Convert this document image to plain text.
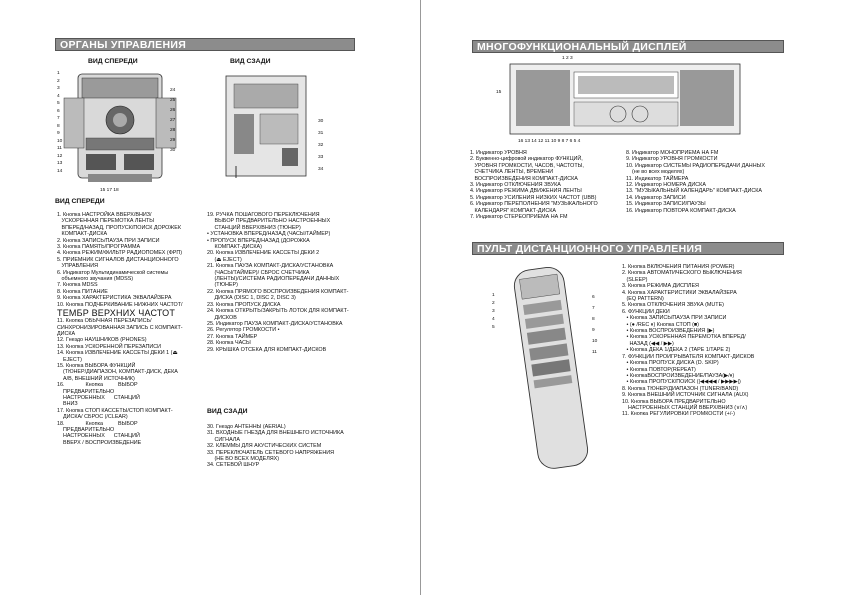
ОРГАНЫ УПРАВЛЕНИЯ
ВИД СПЕРЕДИ	ВИД СЗАДИ
1
2
3
4
5
6
7
8
9
10
11
12
13
14
24
25
26
27
28
29
30
15 17 18
30
31
32
33
34
ВИД СПЕРЕДИ
1. Кнопка НАСТРОЙКА ВВЕРХ/ВНИЗ/
УСКОРЕННАЯ ПЕРЕМОТКА ЛЕНТЫ
ВПЕРЕД/НАЗАД, ПРОПУСК/ПОИСК ДОРОЖЕК
КОМПАКТ-ДИСКА
2. Кнопка ЗАПИСЬ/ПАУЗА ПРИ ЗАПИСИ
3. Кнопка ПАМЯТЬ/ПРОГРАММА
4. Кнопка РЕЖИМ/ФИЛЬТР РАДИОПОМЕХ (ФРП)
5. ПРИЕМНИК СИГНАЛОВ ДИСТАНЦИОННОГО
УПРАВЛЕНИЯ
6. Индикатор Мультидинамической системы
объемного звучания (MDSS)
7. Кнопка MDSS
8. Кнопка ПИТАНИЕ
9. Кнопка ХАРАКТЕРИСТИКА ЭКВАЛАЙЗЕРА
10. Кнопка ПОДЧЕРКИВАНИЕ НИЖНИХ ЧАСТОТ/
ТЕМБР ВЕРХНИХ ЧАСТОТ
11. Кнопка ОБЫЧНАЯ ПЕРЕЗАПИСЬ/
СИНХРОНИЗИРОВАННАЯ ЗАПИСЬ С КОМПАКТ-
ДИСКА
12. Гнездо НАУШНИКОВ (PHONES)
13. Кнопка УСКОРЕННОЙ ПЕРЕЗАПИСИ
14. Кнопка ИЗВЛЕЧЕНИЕ КАССЕТЫ ДЕКИ 1 (⏏
EJECT)
15. Кнопка ВЫБОРА ФУНКЦИЙ
(ТЮНЕР/ДИАПАЗОН, КОМПАКТ-ДИСК, ДЕКА
А/В, ВНЕШНИЙ ИСТОЧНИК)
16.              Кнопка          ВЫБОР
ПРЕДВАРИТЕЛЬНО
НАСТРОЕННЫХ      СТАНЦИЙ
ВНИЗ
17. Кнопка СТОП КАССЕТЫ/СТОП КОМПАКТ-
ДИСКА/ СБРОС (/CLEAR)
18.              Кнопка          ВЫБОР
ПРЕДВАРИТЕЛЬНО
НАСТРОЕННЫХ      СТАНЦИЙ
ВВЕРХ / ВОСПРОИЗВЕДЕНИЕ
19. РУЧКА ПОШАГОВОГО ПЕРЕКЛЮЧЕНИЯ
ВЫБОР ПРЕДВАРИТЕЛЬНО НАСТРОЕННЫХ
СТАНЦИЙ ВВЕРХ/ВНИЗ (ТЮНЕР)
• УСТАНОВКА ВПЕРЕД/НАЗАД (ЧАСЫ/ТАЙМЕР)
• ПРОПУСК ВПЕРЕД/НАЗАД (ДОРОЖКА
КОМПАКТ-ДИСКА)
20. Кнопка ИЗВЛЕЧЕНИЕ КАССЕТЫ ДЕКИ 2
(⏏ EJECT)
21. Кнопка ПАУЗА КОМПАКТ-ДИСКА/УСТАНОВКА
(ЧАСЫ/ТАЙМЕР)/ СБРОС СЧЕТЧИКА
(ЛЕНТЫ)/СИСТЕМА РАДИОПЕРЕДАЧИ ДАННЫХ
(ТЮНЕР)
22. Кнопка ПРЯМОГО ВОСПРОИЗВЕДЕНИЯ КОМПАКТ-
ДИСКА (DISC 1, DISC 2, DISC 3)
23. Кнопка ПРОПУСК ДИСКА
24. Кнопка ОТКРЫТЬ/ЗАКРЫТЬ ЛОТОК ДЛЯ КОМПАКТ-
ДИСКОВ
25. Индикатор ПАУЗА КОМПАКТ-ДИСКА/УСТАНОВКА
26. Регулятор ГРОМКОСТИ •
27. Кнопка ТАЙМЕР
28. Кнопка ЧАСЫ
29. КРЫШКА ОТСЕКА ДЛЯ КОМПАКТ-ДИСКОВ
ВИД СЗАДИ
30. Гнездо АНТЕННЫ (AERIAL)
31. ВХОДНЫЕ ГНЕЗДА ДЛЯ ВНЕШНЕГО ИСТОЧНИКА
СИГНАЛА
32. КЛЕММЫ ДЛЯ АКУСТИЧЕСКИХ СИСТЕМ
33. ПЕРЕКЛЮЧАТЕЛЬ СЕТЕВОГО НАПРЯЖЕНИЯ
(НЕ ВО ВСЕХ МОДЕЛЯХ)
34. СЕТЕВОЙ ШНУР
МНОГОФУНКЦИОНАЛЬНЫЙ ДИСПЛЕЙ
1 2 3
15
16 13 14 12 11 10 9 8 7 6 5 4
1. Индикатор УРОВНЯ
2. Буквенно-цифровой индикатор ФУНКЦИЙ,
УРОВНЯ ГРОМКОСТИ, ЧАСОВ, ЧАСТОТЫ,
СЧЕТЧИКА ЛЕНТЫ, ВРЕМЕНИ
ВОСПРОИЗВЕДЕНИЯ КОМПАКТ-ДИСКА
3. Индикатор ОТКЛЮЧЕНИЯ ЗВУКА
4. Индикатор РЕЖИМА ДВИЖЕНИЯ ЛЕНТЫ
5. Индикатор УСИЛЕНИЯ НИЗКИХ ЧАСТОТ (UBB)
6. Индикатор ПЕРЕПОЛНЕНИЯ "МУЗЫКАЛЬНОГО
КАЛЕНДАРЯ" КОМПАКТ-ДИСКА
7. Индикатор СТЕРЕОПРИЕМА НА FM
8. Индикатор МОНОПРИЕМА НА FM
9. Индикатор УРОВНЯ ГРОМКОСТИ
10. Индикатор СИСТЕМЫ РАДИОПЕРЕДАЧИ ДАННЫХ
(не во всех моделях)
11. Индикатор ТАЙМЕРА
12. Индикатор НОМЕРА ДИСКА
13. "МУЗЫКАЛЬНЫЙ КАЛЕНДАРЬ" КОМПАКТ-ДИСКА
14. Индикатор ЗАПИСИ
15. Индикатор ЗАПИСИ/ПАУЗЫ
16. Индикатор ПОВТОРА КОМПАКТ-ДИСКА
ПУЛЬТ ДИСТАНЦИОННОГО УПРАВЛЕНИЯ
1
2
3
4
5
6
7
8
9
10
11
1. Кнопка ВКЛЮЧЕНИЯ ПИТАНИЯ (POWER)
2. Кнопка АВТОМАТИЧЕСКОГО ВЫКЛЮЧЕНИЯ
(SLEEP)
3. Кнопка РЕЖИМА ДИСПЛЕЯ
4. Кнопка ХАРАКТЕРИСТИКИ ЭКВАЛАЙЗЕРА
(EQ PATTERN)
5. Кнопка ОТКЛЮЧЕНИЯ ЗВУКА (MUTE)
6. ФУНКЦИИ ДЕКИ
• Кнопка ЗАПИСЬ/ПАУЗА ПРИ ЗАПИСИ
• (● /REC ⏸) Кнопка СТОП (■)
• Кнопка ВОСПРОИЗВЕДЕНИЯ (▶)
• Кнопка УСКОРЕННАЯ ПЕРЕМОТКА ВПЕРЕД/
НАЗАД (◀◀ / ▶▶)
• Кнопка ДЕКА 1/ДЕКА 2 (TAPE 1/TAPE 2)
7. ФУНКЦИИ ПРОИГРЫВАТЕЛЯ КОМПАКТ-ДИСКОВ
• Кнопка ПРОПУСК ДИСКА (D. SKIP)
• Кнопка ПОВТОР(REPEAT)
• КнопкаВОСПРОИЗВЕДЕНИЕ/ПАУЗА(▶/⏸)
• Кнопка ПРОПУСК/ПОИСК (|◀◀◀◀ / ▶▶▶▶|)
8. Кнопка ТЮНЕР/ДИАПАЗОН (TUNER/BAND)
9. Кнопка ВНЕШНИЙ ИСТОЧНИК СИГНАЛА (AUX)
10. Кнопка ВЫБОРА ПРЕДВАРИТЕЛЬНО
НАСТРОЕННЫХ СТАНЦИЙ ВВЕРХ/ВНИЗ (∨/∧)
11. Кнопка РЕГУЛИРОВКИ ГРОМКОСТИ (+/-)
